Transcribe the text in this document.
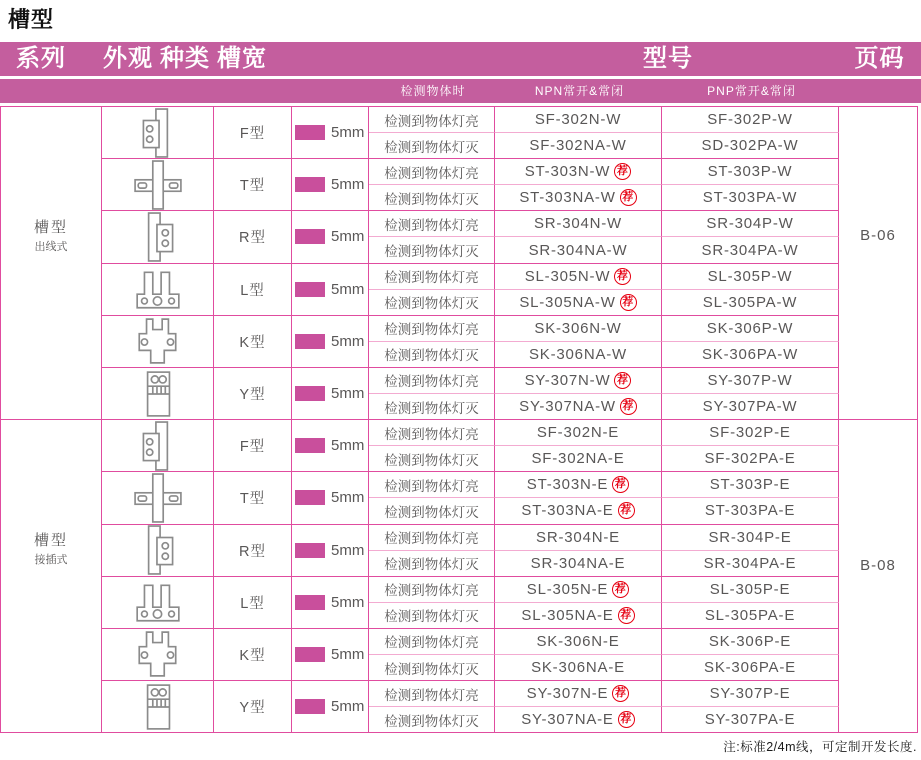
槽型
系列 外观 种类 槽宽	型号	页码
检测物体时	NPN常开&常闭	PNP常开&常闭
槽型
出线式
F型	5mm
检测到物体灯亮	SF-302N-W	SF-302P-W
检测到物体灯灭	SF-302NA-W	SD-302PA-W
T型	5mm
检测到物体灯亮	ST-303N-W 荐	ST-303P-W
检测到物体灯灭	ST-303NA-W 荐	ST-303PA-W
R型	5mm
检测到物体灯亮	SR-304N-W	SR-304P-W
检测到物体灯灭	SR-304NA-W	SR-304PA-W
L型	5mm
检测到物体灯亮	SL-305N-W 荐	SL-305P-W
检测到物体灯灭	SL-305NA-W 荐	SL-305PA-W
K型	5mm
检测到物体灯亮	SK-306N-W	SK-306P-W
检测到物体灯灭	SK-306NA-W	SK-306PA-W
Y型	5mm
检测到物体灯亮	SY-307N-W 荐	SY-307P-W
检测到物体灯灭	SY-307NA-W 荐	SY-307PA-W
B-06
槽型
接插式
F型	5mm
检测到物体灯亮	SF-302N-E	SF-302P-E
检测到物体灯灭	SF-302NA-E	SF-302PA-E
T型	5mm
检测到物体灯亮	ST-303N-E 荐	ST-303P-E
检测到物体灯灭	ST-303NA-E 荐	ST-303PA-E
R型	5mm
检测到物体灯亮	SR-304N-E	SR-304P-E
检测到物体灯灭	SR-304NA-E	SR-304PA-E
L型	5mm
检测到物体灯亮	SL-305N-E 荐	SL-305P-E
检测到物体灯灭	SL-305NA-E 荐	SL-305PA-E
K型	5mm
检测到物体灯亮	SK-306N-E	SK-306P-E
检测到物体灯灭	SK-306NA-E	SK-306PA-E
Y型	5mm
检测到物体灯亮	SY-307N-E 荐	SY-307P-E
检测到物体灯灭	SY-307NA-E 荐	SY-307PA-E
B-08
注:标准2/4m线，可定制开发长度.
